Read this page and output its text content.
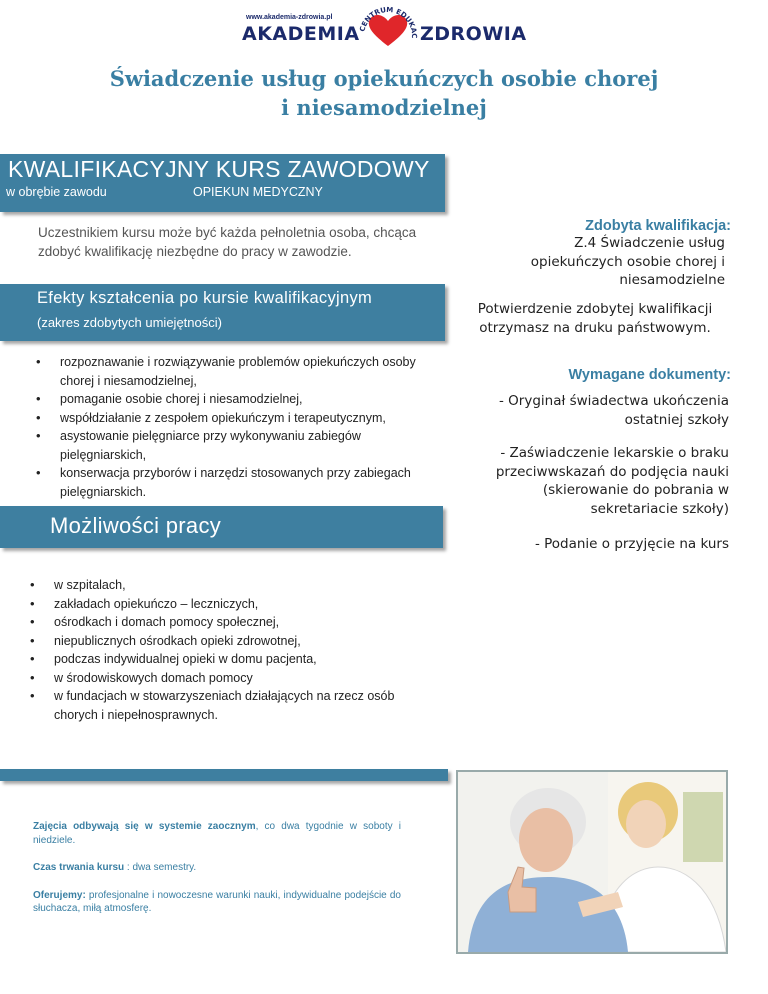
www.akademia-zdrowia.pl
AKADEMIA
CENTRUM EDUKAC ZDROWIA
Świadczenie usług opiekuńczych osobie chorej
i niesamodzielnej
KWALIFIKACYJNY KURS ZAWODOWY
w obrębie zawodu	OPIEKUN MEDYCZNY
Uczestnikiem kursu może być każda pełnoletnia osoba, chcąca zdobyć kwalifikację niezbędne do pracy w zawodzie.
Efekty kształcenia po kursie kwalifikacyjnym
(zakres zdobytych umiejętności)
• rozpoznawanie i rozwiązywanie problemów opiekuńczych osoby chorej i niesamodzielnej,
• pomaganie osobie chorej i niesamodzielnej,
• współdziałanie z zespołem opiekuńczym i terapeutycznym,
• asystowanie pielęgniarce przy wykonywaniu zabiegów pielęgniarskich,
• konserwacja przyborów i narzędzi stosowanych przy zabiegach pielęgniarskich.
Możliwości pracy
• w szpitalach,
• zakładach opiekuńczo – leczniczych,
• ośrodkach i domach pomocy społecznej,
• niepublicznych ośrodkach opieki zdrowotnej,
• podczas indywidualnej opieki w domu pacjenta,
• w środowiskowych domach pomocy
• w fundacjach w stowarzyszeniach działających na rzecz osób chorych i niepełnosprawnych.
Zdobyta kwalifikacja:
Z.4 Świadczenie usług opiekuńczych osobie chorej i niesamodzielne
Potwierdzenie zdobytej kwalifikacji otrzymasz na druku państwowym.
Wymagane dokumenty:
- Oryginał świadectwa ukończenia ostatniej szkoły
- Zaświadczenie lekarskie o braku przeciwwskazań do podjęcia nauki (skierowanie do pobrania w sekretariacie szkoły)
- Podanie o przyjęcie na kurs

Zajęcia odbywają się w systemie zaocznym, co dwa tygodnie w soboty i niedziele.

Czas trwania kursu : dwa semestry.

Oferujemy: profesjonalne i nowoczesne warunki nauki, indywidualne podejście do słuchacza, miłą atmosferę.
